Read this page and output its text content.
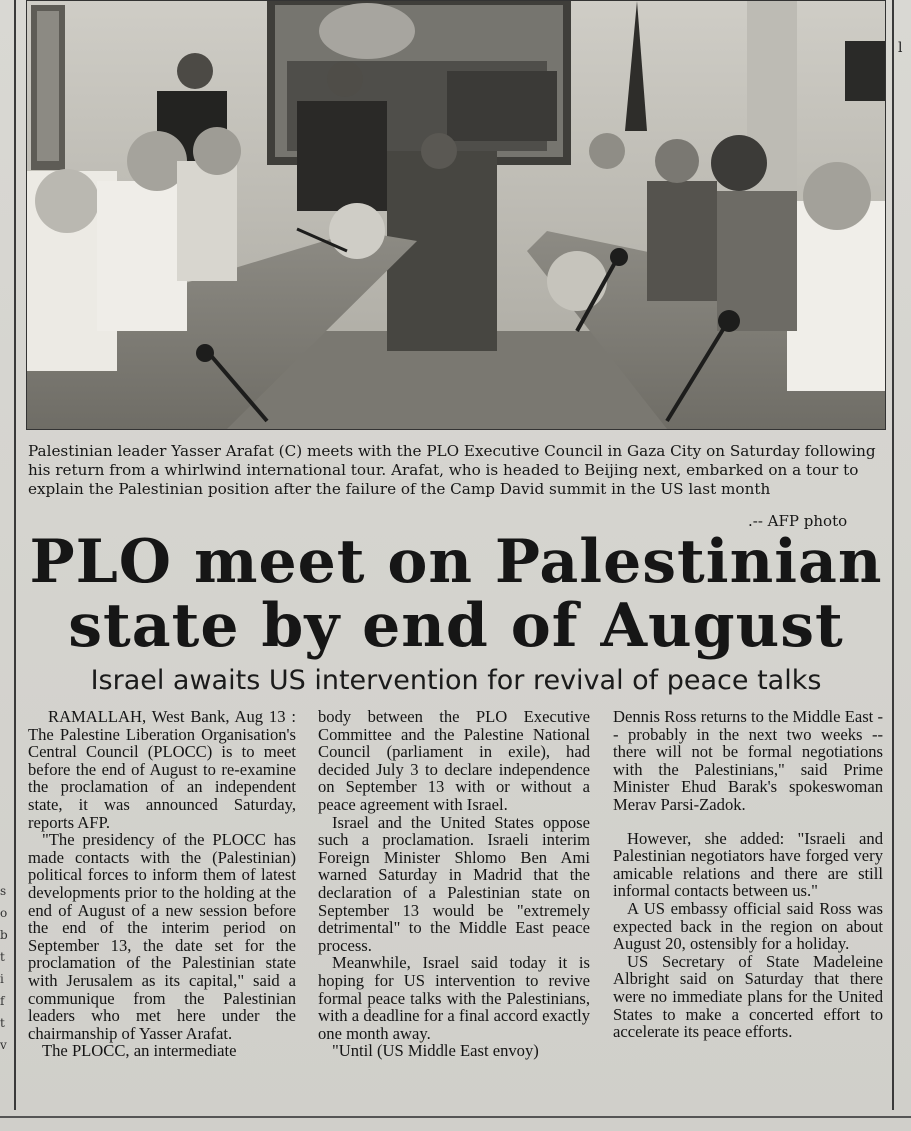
s
o
b
t
i
f
t
v
l
Palestinian leader Yasser Arafat (C) meets with the PLO Executive Council in Gaza City on Saturday following his return from a whirlwind international tour. Arafat, who is headed to Beijing next, embarked on a tour to explain the Palestinian position after the failure of the Camp David summit in the US last month
.-- AFP photo
PLO meet on Palestinian
state by end of August
Israel awaits US intervention for revival of peace talks

RAMALLAH, West Bank, Aug 13 : The Palestine Liberation Organisation's Central Council (PLOCC) is to meet before the end of August to re-examine the proclamation of an independent state, it was announced Saturday, reports AFP.

"The presidency of the PLOCC has made contacts with the (Palestinian) political forces to inform them of latest developments prior to the holding at the end of August of a new session before the end of the interim period on September 13, the date set for the proclamation of the Palestinian state with Jerusalem as its capital," said a communique from the Palestinian leaders who met here under the chairmanship of Yasser Arafat.

The PLOCC, an intermediate

body between the PLO Executive Committee and the Palestine National Council (parliament in exile), had decided July 3 to declare independence on September 13 with or without a peace agreement with Israel.

Israel and the United States oppose such a proclamation. Israeli interim Foreign Minister Shlomo Ben Ami warned Saturday in Madrid that the declaration of a Palestinian state on September 13 would be "extremely detrimental" to the Middle East peace process.

Meanwhile, Israel said today it is hoping for US intervention to revive formal peace talks with the Palestinians, with a deadline for a final accord exactly one month away.

"Until (US Middle East envoy)

Dennis Ross returns to the Middle East -- probably in the next two weeks -- there will not be formal negotiations with the Palestinians," said Prime Minister Ehud Barak's spokeswoman Merav Parsi-Zadok.

However, she added: "Israeli and Palestinian negotiators have forged very amicable relations and there are still informal contacts between us."

A US embassy official said Ross was expected back in the region on about August 20, ostensibly for a holiday.

US Secretary of State Madeleine Albright said on Saturday that there were no immediate plans for the United States to make a concerted effort to accelerate its peace efforts.
